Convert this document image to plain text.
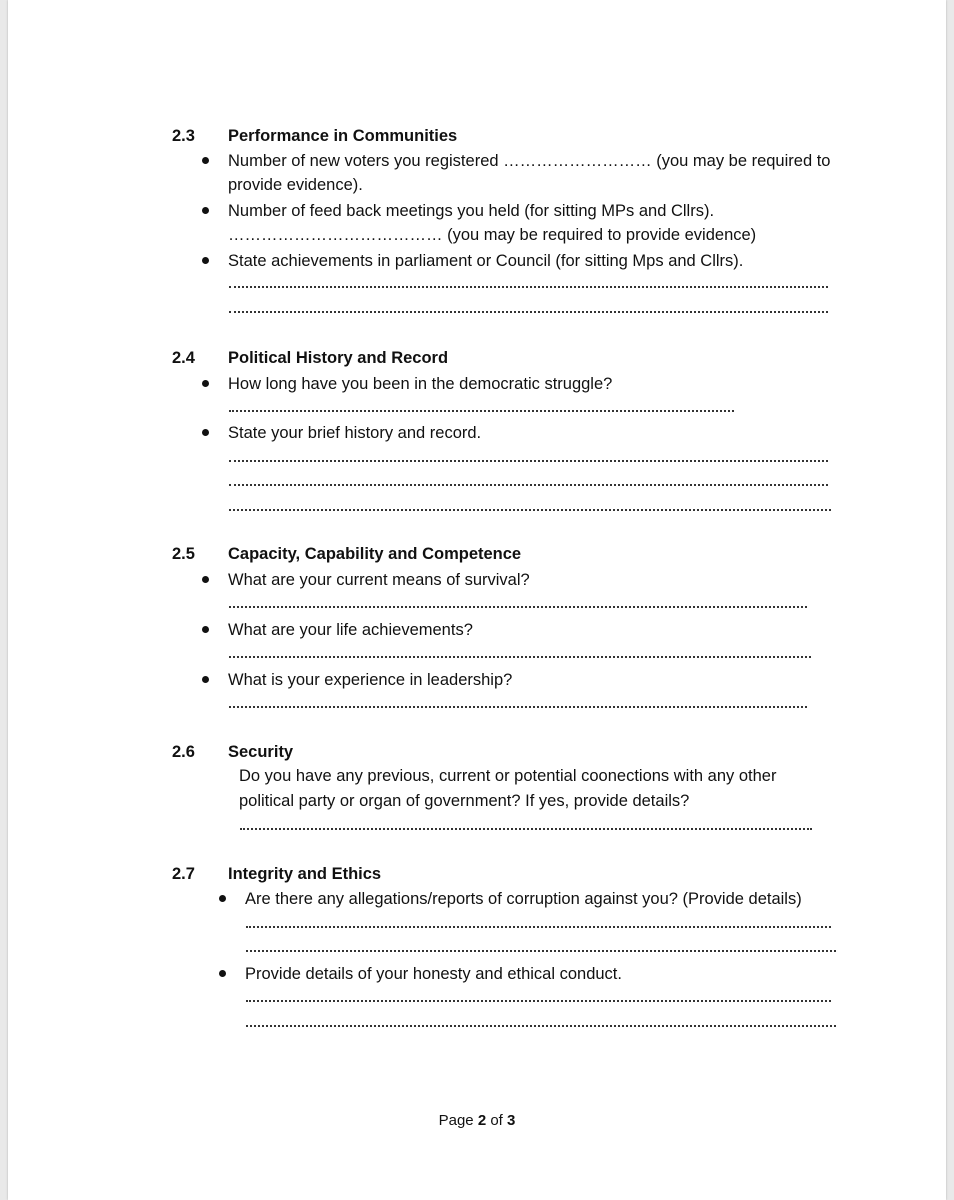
2.3 Performance in Communities
Number of new voters you registered ……………………… (you may be required to
provide evidence).
Number of feed back meetings you held (for sitting MPs and Cllrs).
………………………………… (you may be required to provide evidence)
State achievements in parliament or Council (for sitting Mps and Cllrs).
2.4 Political History and Record
How long have you been in the democratic struggle?
State your brief history and record.
2.5 Capacity, Capability and Competence
What are your current means of survival?
What are your life achievements?
What is your experience in leadership?
2.6 Security
Do you have any previous, current or potential coonections with any other
political party or organ of government? If yes, provide details?
2.7 Integrity and Ethics
Are there any allegations/reports of corruption against you? (Provide details)
Provide details of your honesty and ethical conduct.
Page 2 of 3
